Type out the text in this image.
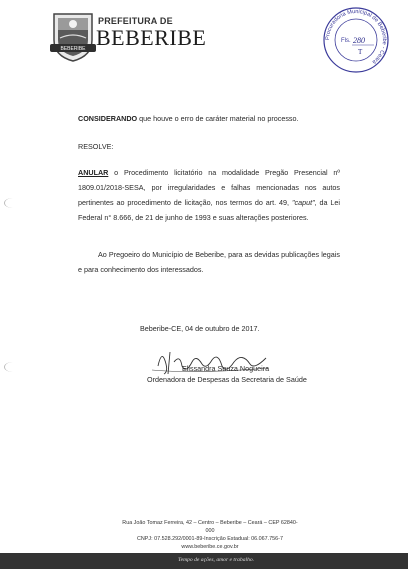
BEBERIBE
PREFEITURA DE
BEBERIBE	Procuradoria Municipal de Beberibe - Ceará
Fls. 280
T
CONSIDERANDO que houve o erro de caráter material no processo.
RESOLVE:
ANULAR o Procedimento licitatório na modalidade Pregão Presencial nº 1809.01/2018-SESA, por irregularidades e falhas mencionadas nos autos pertinentes ao procedimento de licitação, nos termos do art. 49, "caput", da Lei Federal n° 8.666, de 21 de junho de 1993 e suas alterações posteriores.
Ao Pregoeiro do Município de Beberibe, para as devidas publicações legais e para conhecimento dos interessados.
Beberibe-CE, 04 de outubro de 2017.
Elissandra Souza Nogueira
Ordenadora de Despesas da Secretaria de Saúde
Rua João Tomaz Ferreira, 42 – Centro – Beberibe – Ceará – CEP 62840-000
CNPJ: 07.528.292/0001-89-Inscrição Estadual: 06.067.756-7
www.beberibe.ce.gov.br
Tempo de ações, amor e trabalho.
